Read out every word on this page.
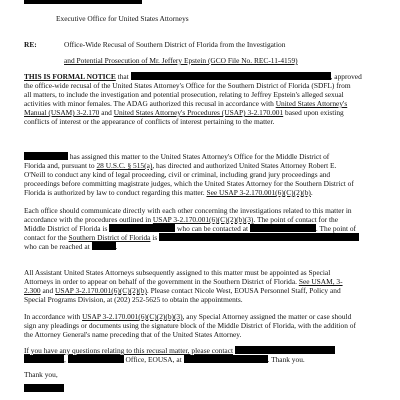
Executive Office for United States Attorneys
RE:	Office-Wide Recusal of Southern District of Florida from the Investigation
and Potential Prosecution of Mr. Jeffery Epstein (GCO File No. REC-11-4159)
THIS IS FORMAL NOTICE that	, approved
the office-wide recusal of the United States Attorney's Office for the Southern District of Florida (SDFL) from
all matters, to include the investigation and potential prosecution, relating to Jeffrey Epstein's alleged sexual
activities with minor females. The ADAG authorized this recusal in accordance with United States Attorney's
Manual (USAM) 3-2.170 and United States Attorney's Procedures (USAP) 3-2.170.001 based upon existing
conflicts of interest or the appearance of conflicts of interest pertaining to the matter.
has assigned this matter to the United States Attorney's Office for the Middle District of
Florida and, pursuant to 28 U.S.C. § 515(a), has directed and authorized United States Attorney Robert E.
O'Neill to conduct any kind of legal proceeding, civil or criminal, including grand jury proceedings and
proceedings before committing magistrate judges, which the United States Attorney for the Southern District of
Florida is authorized by law to conduct regarding this matter. See USAP 3-2.170.001(6)(C)(2)(b).
Each office should communicate directly with each other concerning the investigations related to this matter in
accordance with the procedures outlined in USAP 3-2.170.001(6)(C)(2)(b)(3). The point of contact for the
Middle District of Florida is	who can be contacted at	. The point of
contact for the Southern District of Florida is
who can be reached at	.
All Assistant United States Attorneys subsequently assigned to this matter must be appointed as Special
Attorneys in order to appear on behalf of the government in the Southern District of Florida. See USAM, 3-
2.300 and USAP 3-2.170.001(6)(C)(2)(b). Please contact Nicole West, EOUSA Personnel Staff, Policy and
Special Programs Division, at (202) 252-5625 to obtain the appointments.
In accordance with USAP 3-2.170.001(6)(C)(2)(b)(3), any Special Attorney assigned the matter or case should
sign any pleadings or documents using the signature block of the Middle District of Florida, with the addition of
the Attorney General's name preceding that of the United States Attorney.
If you have any questions relating to this recusal matter, please contact
,	Office, EOUSA, at	. Thank you.
Thank you,
